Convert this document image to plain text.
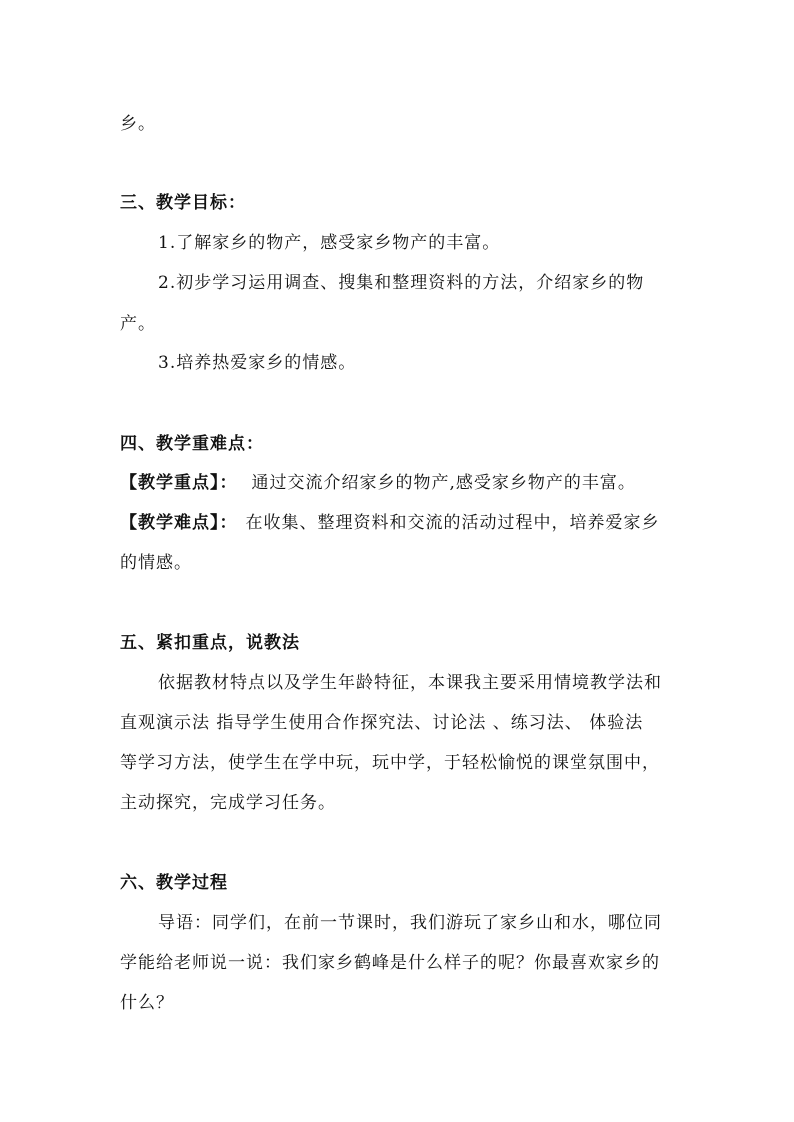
乡。
三、教学目标：
1.了解家乡的物产，感受家乡物产的丰富。
2.初步学习运用调查、搜集和整理资料的方法，介绍家乡的物
产。
3.培养热爱家乡的情感。
四、教学重难点：
【教学重点】： 通过交流介绍家乡的物产,感受家乡物产的丰富。
【教学难点】： 在收集、整理资料和交流的活动过程中，培养爱家乡
的情感。
五、紧扣重点，说教法
依据教材特点以及学生年龄特征，本课我主要采用情境教学法和
直观演示法 指导学生使用合作探究法、讨论法 、练习法、 体验法
等学习方法，使学生在学中玩，玩中学，于轻松愉悦的课堂氛围中，
主动探究，完成学习任务。
六、教学过程
导语：同学们，在前一节课时，我们游玩了家乡山和水，哪位同
学能给老师说一说：我们家乡鹤峰是什么样子的呢？你最喜欢家乡的
什么？
